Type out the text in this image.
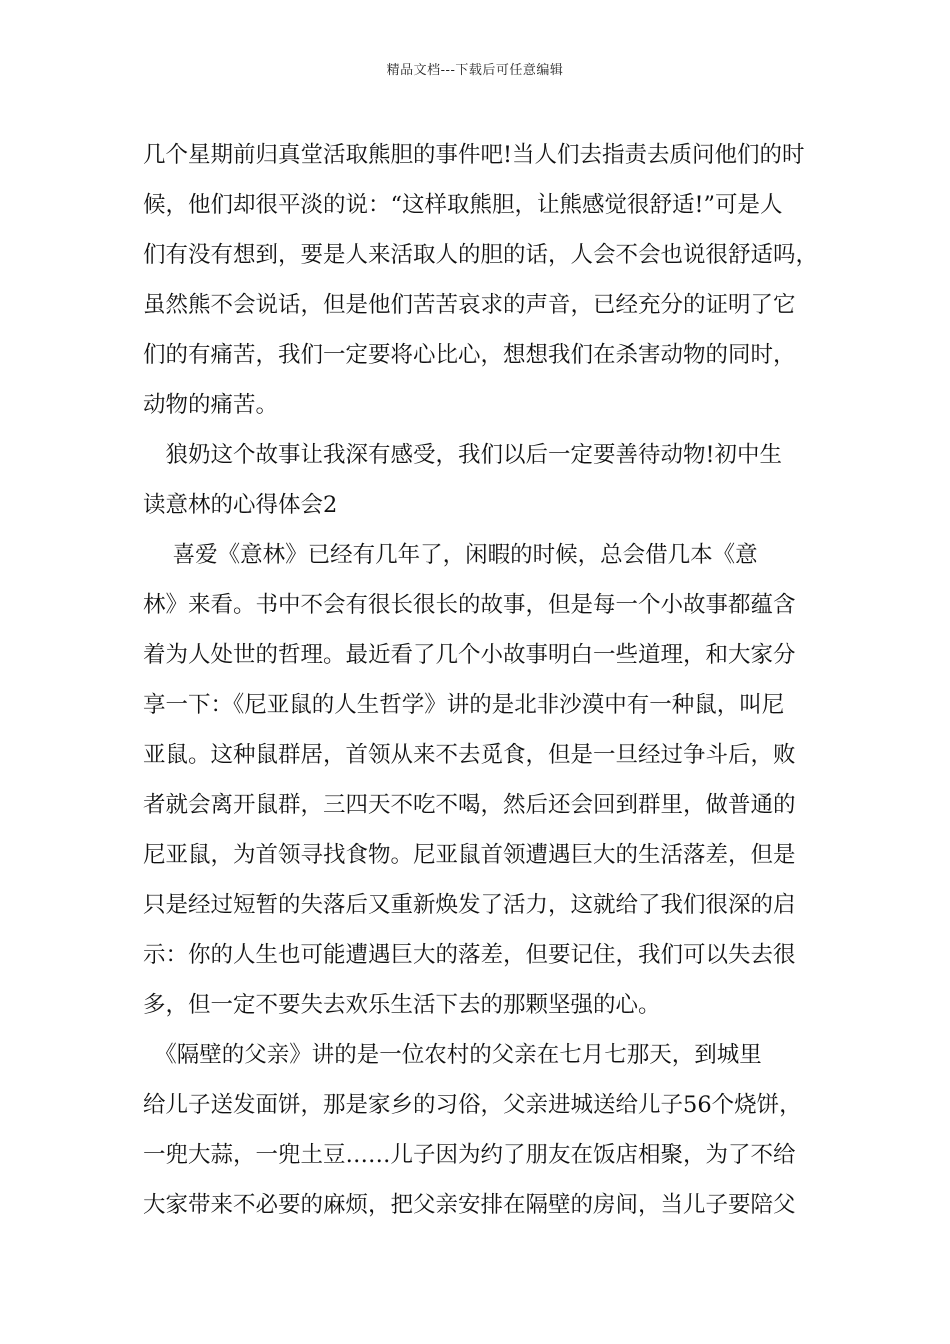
精品文档---下载后可任意编辑
几个星期前归真堂活取熊胆的事件吧!当人们去指责去质问他们的时
候，他们却很平淡的说：“这样取熊胆，让熊感觉很舒适!”可是人
们有没有想到，要是人来活取人的胆的话，人会不会也说很舒适吗，
虽然熊不会说话，但是他们苦苦哀求的声音，已经充分的证明了它
们的有痛苦，我们一定要将心比心，想想我们在杀害动物的同时，
动物的痛苦。
　狼奶这个故事让我深有感受，我们以后一定要善待动物!初中生
读意林的心得体会2
　 喜爱《意林》已经有几年了，闲暇的时候，总会借几本《意
林》来看。书中不会有很长很长的故事，但是每一个小故事都蕴含
着为人处世的哲理。最近看了几个小故事明白一些道理，和大家分
享一下：《尼亚鼠的人生哲学》讲的是北非沙漠中有一种鼠，叫尼
亚鼠。这种鼠群居，首领从来不去觅食，但是一旦经过争斗后，败
者就会离开鼠群，三四天不吃不喝，然后还会回到群里，做普通的
尼亚鼠，为首领寻找食物。尼亚鼠首领遭遇巨大的生活落差，但是
只是经过短暂的失落后又重新焕发了活力，这就给了我们很深的启
示：你的人生也可能遭遇巨大的落差，但要记住，我们可以失去很
多，但一定不要失去欢乐生活下去的那颗坚强的心。
　《隔壁的父亲》讲的是一位农村的父亲在七月七那天，到城里
给儿子送发面饼，那是家乡的习俗，父亲进城送给儿子56个烧饼，
一兜大蒜，一兜土豆……儿子因为约了朋友在饭店相聚，为了不给
大家带来不必要的麻烦，把父亲安排在隔壁的房间，当儿子要陪父
